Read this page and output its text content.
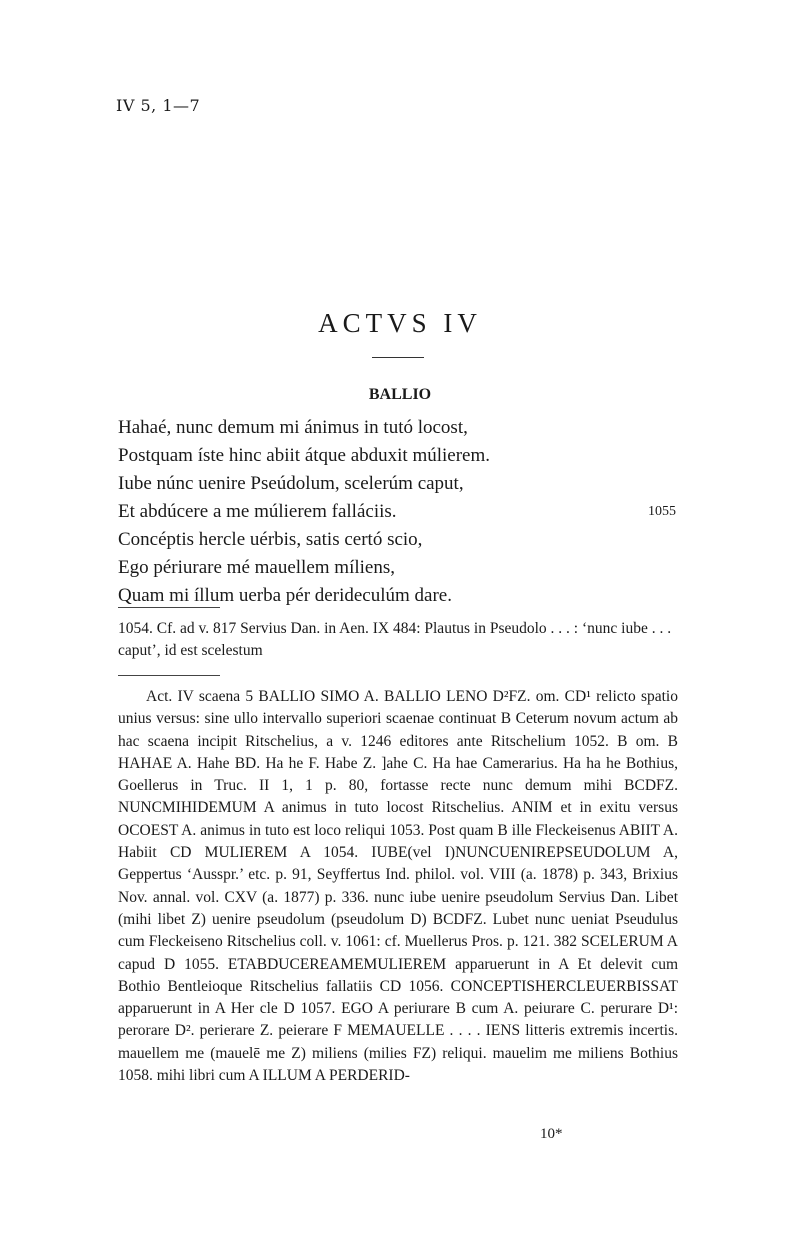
IV 5, 1—7
ACTVS IV
BALLIO
Hahaé, nunc demum mi ánimus in tutó locost,
Postquam íste hinc abiit átque abduxit múlierem.
Iube núnc uenire Pseúdolum, scelerúm caput,
Et abdúcere a me múlierem falláciis.	1055
Concéptis hercle uérbis, satis certó scio,
Ego périurare mé mauellem míliens,
Quam mi íllum uerba pér derideculúm dare.

1054. Cf. ad v. 817 Servius Dan. in Aen. IX 484: Plautus in Pseudolo . . . : ‘nunc iube . . . caput’, id est scelestum

Act. IV scaena 5 BALLIO SIMO A. BALLIO LENO D²FZ. om. CD¹ relicto spatio unius versus: sine ullo intervallo superiori scaenae continuat B Ceterum novum actum ab hac scaena incipit Ritschelius, a v. 1246 editores ante Ritschelium 1052. B om. B HAHAE A. Hahe BD. Ha he F. Habe Z. ]ahe C. Ha hae Camerarius. Ha ha he Bothius, Goellerus in Truc. II 1, 1 p. 80, fortasse recte nunc demum mihi BCDFZ. NUNCMIHIDEMUM A animus in tuto locost Ritschelius. ANIM et in exitu versus OCOEST A. animus in tuto est loco reliqui 1053. Post quam B ille Fleckeisenus ABIIT A. Habiit CD MULIEREM A 1054. IUBE(vel I)NUNCUENIREPSEUDOLUM A, Geppertus ‘Ausspr.’ etc. p. 91, Seyffertus Ind. philol. vol. VIII (a. 1878) p. 343, Brixius Nov. annal. vol. CXV (a. 1877) p. 336. nunc iube uenire pseudolum Servius Dan. Libet (mihi libet Z) uenire pseudolum (pseudolum D) BCDFZ. Lubet nunc ueniat Pseudulus cum Fleckeiseno Ritschelius coll. v. 1061: cf. Muellerus Pros. p. 121. 382 SCELERUM A capud D 1055. ETABDUCEREAMEMULIEREM apparuerunt in A Et delevit cum Bothio Bentleioque Ritschelius fallatiis CD 1056. CONCEPTISHERCLEUERBISSAT apparuerunt in A Her cle D 1057. EGO A periurare B cum A. peiurare C. perurare D¹: perorare D². perierare Z. peierare F MEMAUELLE . . . . IENS litteris extremis incertis. mauellem me (mauelē me Z) miliens (milies FZ) reliqui. mauelim me miliens Bothius 1058. mihi libri cum A ILLUM A PERDERID-

10*
